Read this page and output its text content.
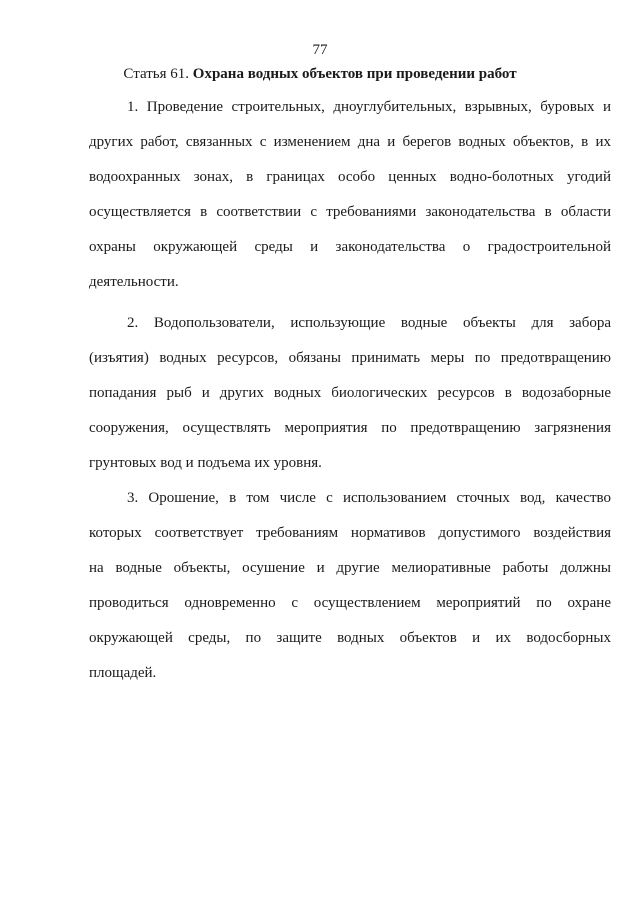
77
Статья 61. Охрана водных объектов при проведении работ
1. Проведение строительных, дноуглубительных, взрывных, буровых и
других работ, связанных с изменением дна и берегов водных объектов, в их
водоохранных зонах, в границах особо ценных водно-болотных угодий
осуществляется в соответствии с требованиями законодательства в области
охраны окружающей среды и законодательства о градостроительной
деятельности.
2. Водопользователи, использующие водные объекты для забора
(изъятия) водных ресурсов, обязаны принимать меры по предотвращению
попадания рыб и других водных биологических ресурсов в водозаборные
сооружения, осуществлять мероприятия по предотвращению загрязнения
грунтовых вод и подъема их уровня.
3. Орошение, в том числе с использованием сточных вод, качество
которых соответствует требованиям нормативов допустимого воздействия
на водные объекты, осушение и другие мелиоративные работы должны
проводиться одновременно с осуществлением мероприятий по охране
окружающей среды, по защите водных объектов и их водосборных
площадей.
